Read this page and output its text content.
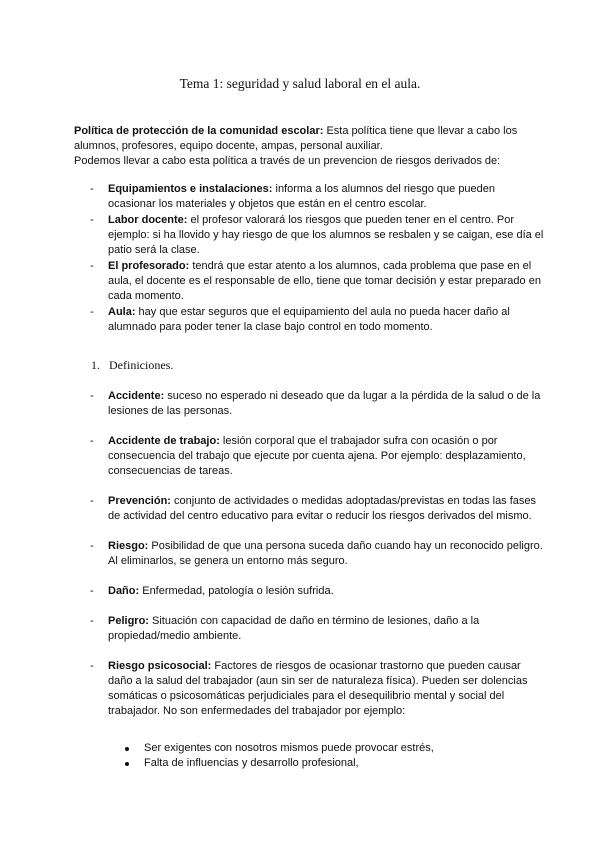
Tema 1: seguridad y salud laboral en el aula.
Política de protección de la comunidad escolar: Esta política tiene que llevar a cabo los alumnos, profesores, equipo docente, ampas, personal auxiliar.
Podemos llevar a cabo esta política a través de un prevencion de riesgos derivados de:
- Equipamientos e instalaciones: informa a los alumnos del riesgo que pueden ocasionar los materiales y objetos que están en el centro escolar.
- Labor docente: el profesor valorará los riesgos que pueden tener en el centro. Por ejemplo: si ha llovido y hay riesgo de que los alumnos se resbalen y se caigan, ese día el patio será la clase.
- El profesorado: tendrá que estar atento a los alumnos, cada problema que pase en el aula, el docente es el responsable de ello, tiene que tomar decisión y estar preparado en cada momento.
- Aula: hay que estar seguros que el equipamiento del aula no pueda hacer daño al alumnado para poder tener la clase bajo control en todo momento.
1. Definiciones.
- Accidente: suceso no esperado ni deseado que da lugar a la pérdida de la salud o de la lesiones de las personas.
- Accidente de trabajo: lesión corporal que el trabajador sufra con ocasión o por consecuencia del trabajo que ejecute por cuenta ajena. Por ejemplo: desplazamiento, consecuencias de tareas.
- Prevención: conjunto de actividades o medidas adoptadas/previstas en todas las fases de actividad del centro educativo para evitar o reducir los riesgos derivados del mismo.
- Riesgo: Posibilidad de que una persona suceda daño cuando hay un reconocido peligro. Al eliminarlos, se genera un entorno más seguro.
- Daño: Enfermedad, patología o lesión sufrida.
- Peligro: Situación con capacidad de daño en término de lesiones, daño a la propiedad/medio ambiente.
- Riesgo psicosocial: Factores de riesgos de ocasionar trastorno que pueden causar daño a la salud del trabajador (aun sin ser de naturaleza física). Pueden ser dolencias somáticas o psicosomáticas perjudiciales para el desequilibrio mental y social del trabajador. No son enfermedades del trabajador por ejemplo:
Ser exigentes con nosotros mismos puede provocar estrés,
Falta de influencias y desarrollo profesional,
